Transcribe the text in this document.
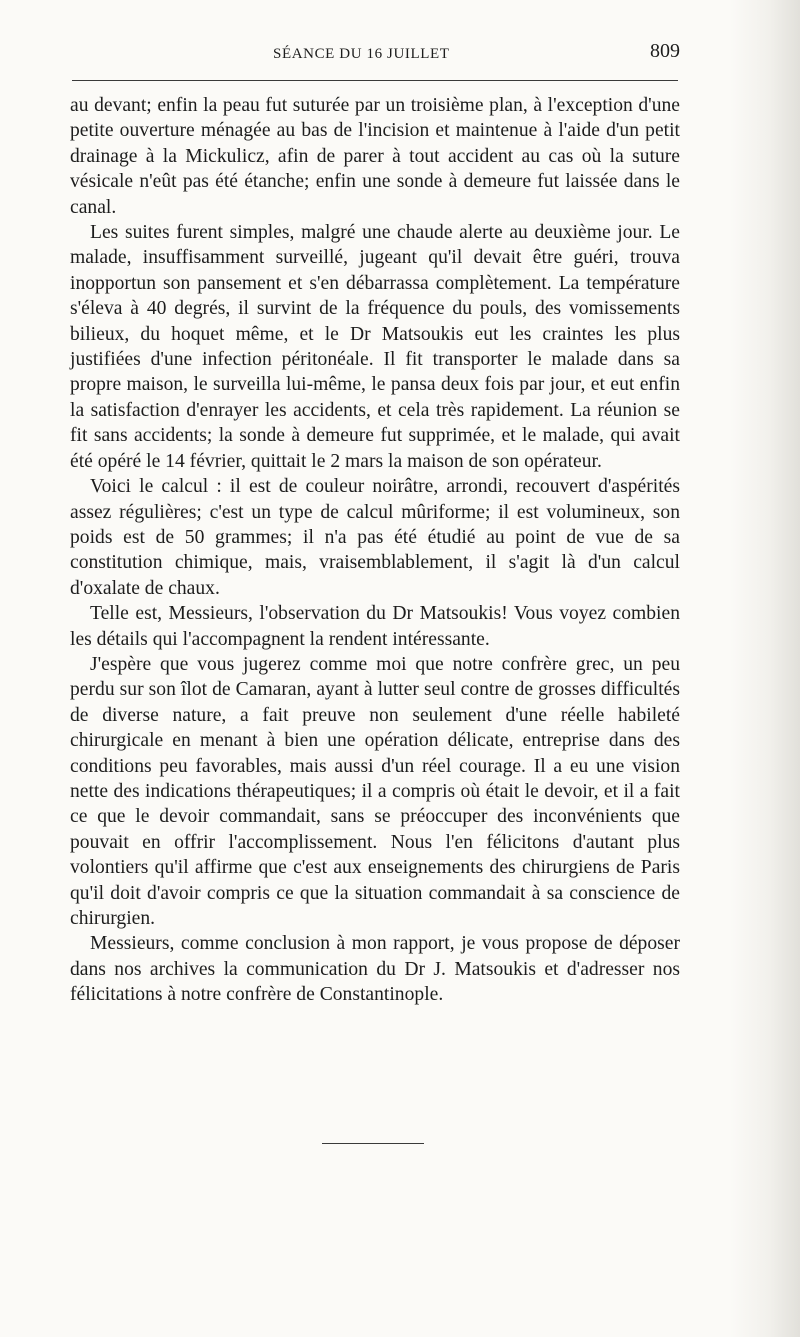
SÉANCE DU 16 JUILLET	809

au devant; enfin la peau fut suturée par un troisième plan, à l'exception d'une petite ouverture ménagée au bas de l'incision et maintenue à l'aide d'un petit drainage à la Mickulicz, afin de parer à tout accident au cas où la suture vésicale n'eût pas été étanche; enfin une sonde à demeure fut laissée dans le canal.

Les suites furent simples, malgré une chaude alerte au deuxième jour. Le malade, insuffisamment surveillé, jugeant qu'il devait être guéri, trouva inopportun son pansement et s'en débarrassa complètement. La température s'éleva à 40 degrés, il survint de la fréquence du pouls, des vomissements bilieux, du hoquet même, et le Dr Matsoukis eut les craintes les plus justifiées d'une infection péritonéale. Il fit transporter le malade dans sa propre maison, le surveilla lui-même, le pansa deux fois par jour, et eut enfin la satisfaction d'enrayer les accidents, et cela très rapidement. La réunion se fit sans accidents; la sonde à demeure fut supprimée, et le malade, qui avait été opéré le 14 février, quittait le 2 mars la maison de son opérateur.

Voici le calcul : il est de couleur noirâtre, arrondi, recouvert d'aspérités assez régulières; c'est un type de calcul mûriforme; il est volumineux, son poids est de 50 grammes; il n'a pas été étudié au point de vue de sa constitution chimique, mais, vraisemblablement, il s'agit là d'un calcul d'oxalate de chaux.

Telle est, Messieurs, l'observation du Dr Matsoukis! Vous voyez combien les détails qui l'accompagnent la rendent intéressante.

J'espère que vous jugerez comme moi que notre confrère grec, un peu perdu sur son îlot de Camaran, ayant à lutter seul contre de grosses difficultés de diverse nature, a fait preuve non seulement d'une réelle habileté chirurgicale en menant à bien une opération délicate, entreprise dans des conditions peu favorables, mais aussi d'un réel courage. Il a eu une vision nette des indications thérapeutiques; il a compris où était le devoir, et il a fait ce que le devoir commandait, sans se préoccuper des inconvénients que pouvait en offrir l'accomplissement. Nous l'en félicitons d'autant plus volontiers qu'il affirme que c'est aux enseignements des chirurgiens de Paris qu'il doit d'avoir compris ce que la situation commandait à sa conscience de chirurgien.

Messieurs, comme conclusion à mon rapport, je vous propose de déposer dans nos archives la communication du Dr J. Matsoukis et d'adresser nos félicitations à notre confrère de Constantinople.
